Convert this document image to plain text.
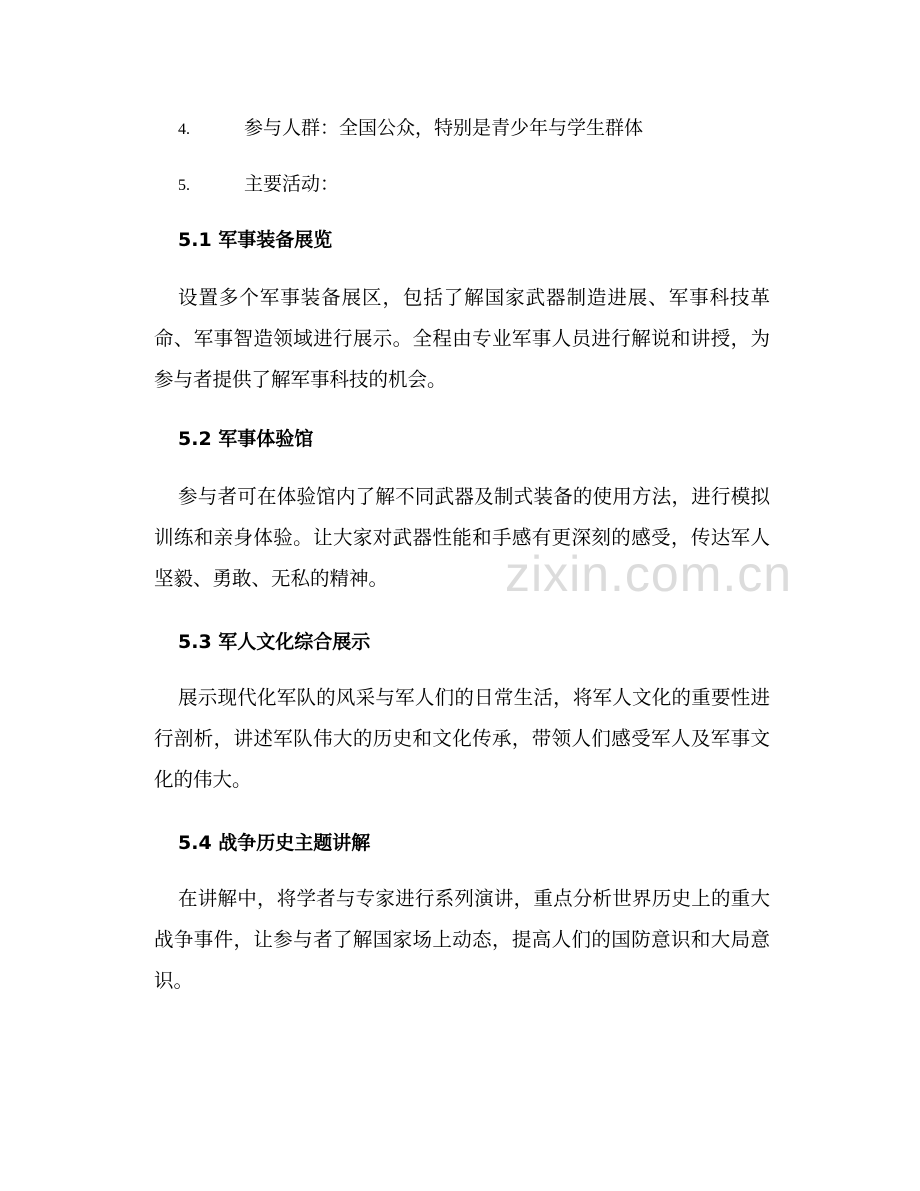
4.	参与人群：全国公众，特别是青少年与学生群体
5.	主要活动：
5.1 军事装备展览

设置多个军事装备展区，包括了解国家武器制造进展、军事科技革命、军事智造领域进行展示。全程由专业军事人员进行解说和讲授，为参与者提供了解军事科技的机会。

5.2 军事体验馆

参与者可在体验馆内了解不同武器及制式装备的使用方法，进行模拟训练和亲身体验。让大家对武器性能和手感有更深刻的感受，传达军人坚毅、勇敢、无私的精神。

5.3 军人文化综合展示

展示现代化军队的风采与军人们的日常生活，将军人文化的重要性进行剖析，讲述军队伟大的历史和文化传承，带领人们感受军人及军事文化的伟大。

5.4 战争历史主题讲解

在讲解中，将学者与专家进行系列演讲，重点分析世界历史上的重大战争事件，让参与者了解国家场上动态，提高人们的国防意识和大局意识。

zixin.com.cn
